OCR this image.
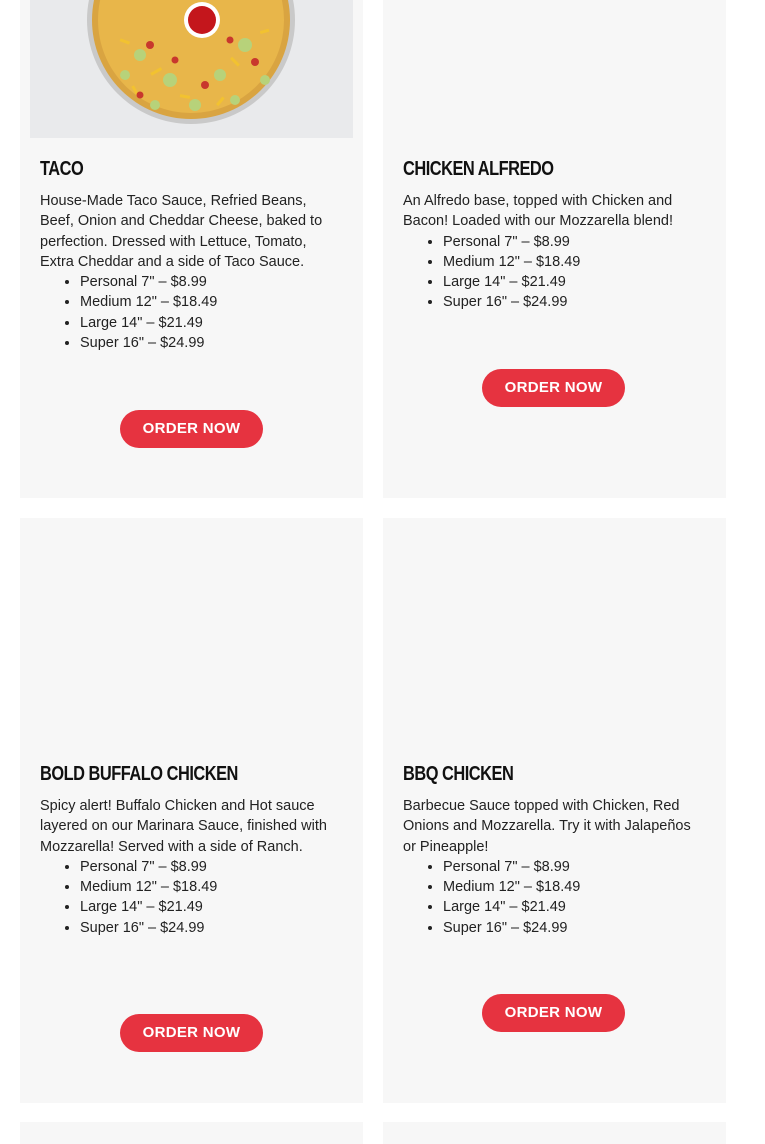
TACO

House-Made Taco Sauce, Refried Beans, Beef, Onion and Cheddar Cheese, baked to perfection. Dressed with Lettuce, Tomato, Extra Cheddar and a side of Taco Sauce.

• Personal 7" – $8.99
• Medium 12" – $18.49
• Large 14" – $21.49
• Super 16" – $24.99
ORDER NOW
CHICKEN ALFREDO

An Alfredo base, topped with Chicken and Bacon! Loaded with our Mozzarella blend!

• Personal 7" – $8.99
• Medium 12" – $18.49
• Large 14" – $21.49
• Super 16" – $24.99
ORDER NOW
BOLD BUFFALO CHICKEN

Spicy alert! Buffalo Chicken and Hot sauce layered on our Marinara Sauce, finished with Mozzarella! Served with a side of Ranch.

• Personal 7" – $8.99
• Medium 12" – $18.49
• Large 14" – $21.49
• Super 16" – $24.99
ORDER NOW
BBQ CHICKEN

Barbecue Sauce topped with Chicken, Red Onions and Mozzarella. Try it with Jalapeños or Pineapple!

• Personal 7" – $8.99
• Medium 12" – $18.49
• Large 14" – $21.49
• Super 16" – $24.99
ORDER NOW
